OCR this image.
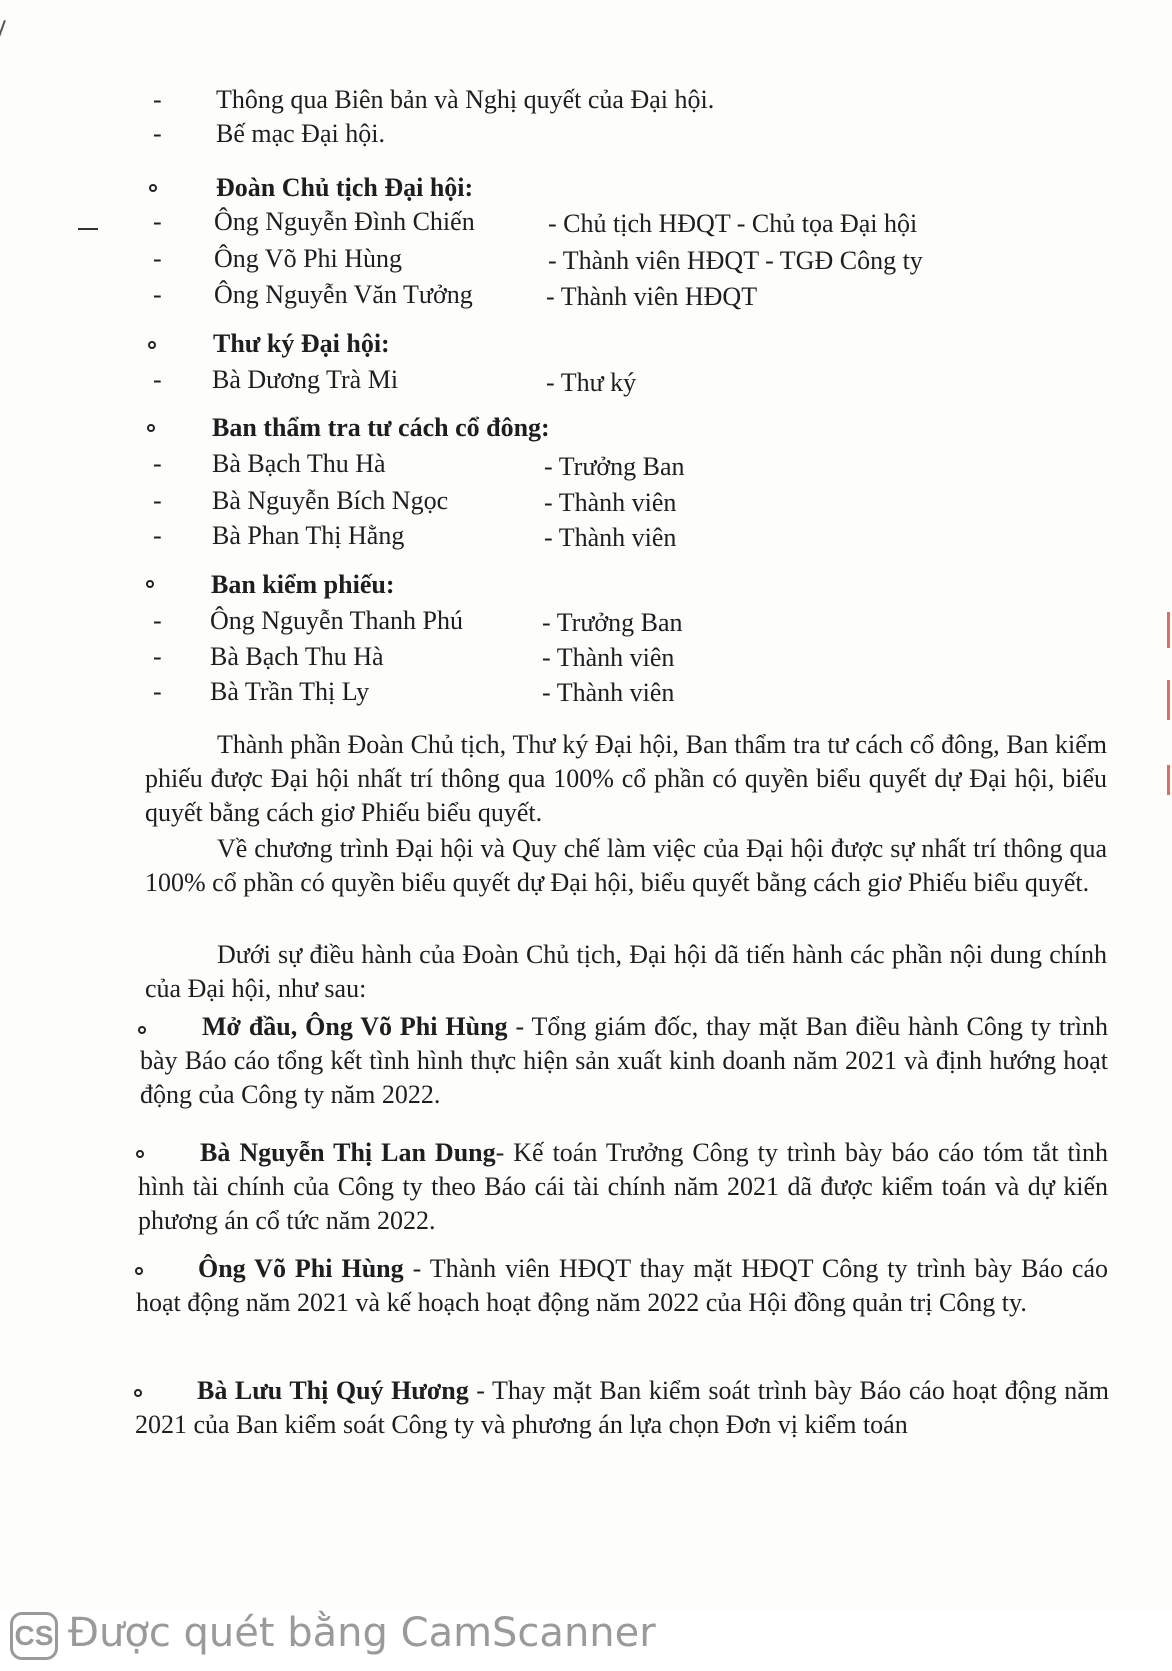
- Thông qua Biên bản và Nghị quyết của Đại hội.
- Bế mạc Đại hội.
Đoàn Chủ tịch Đại hội:
- Ông Nguyễn Đình Chiến	- Chủ tịch HĐQT - Chủ tọa Đại hội
- Ông Võ Phi Hùng	- Thành viên HĐQT - TGĐ Công ty
- Ông Nguyễn Văn Tưởng	- Thành viên HĐQT
Thư ký Đại hội:
- Bà Dương Trà Mi	- Thư ký
Ban thẩm tra tư cách cổ đông:
- Bà Bạch Thu Hà	- Trưởng Ban
- Bà Nguyễn Bích Ngọc	- Thành viên
- Bà Phan Thị Hằng	- Thành viên
Ban kiểm phiếu:
- Ông Nguyễn Thanh Phú	- Trưởng Ban
- Bà Bạch Thu Hà	- Thành viên
- Bà Trần Thị Ly	- Thành viên
Thành phần Đoàn Chủ tịch, Thư ký Đại hội, Ban thẩm tra tư cách cổ đông, Ban kiểm phiếu được Đại hội nhất trí thông qua 100% cổ phần có quyền biểu quyết dự Đại hội, biểu quyết bằng cách giơ Phiếu biểu quyết.
Về chương trình Đại hội và Quy chế làm việc của Đại hội được sự nhất trí thông qua 100% cổ phần có quyền biểu quyết dự Đại hội, biểu quyết bằng cách giơ Phiếu biểu quyết.
Dưới sự điều hành của Đoàn Chủ tịch, Đại hội dã tiến hành các phần nội dung chính của Đại hội, như sau:
Mở đầu, Ông Võ Phi Hùng - Tổng giám đốc, thay mặt Ban điều hành Công ty trình bày Báo cáo tổng kết tình hình thực hiện sản xuất kinh doanh năm 2021 và định hướng hoạt động của Công ty năm 2022.
Bà Nguyễn Thị Lan Dung- Kế toán Trưởng Công ty trình bày báo cáo tóm tắt tình hình tài chính của Công ty theo Báo cái tài chính năm 2021 dã được kiểm toán và dự kiến phương án cổ tức năm 2022.
Ông Võ Phi Hùng - Thành viên HĐQT thay mặt HĐQT Công ty trình bày Báo cáo hoạt động năm 2021 và kế hoạch hoạt động năm 2022 của Hội đồng quản trị Công ty.
Bà Lưu Thị Quý Hương - Thay mặt Ban kiểm soát trình bày Báo cáo hoạt động năm 2021 của Ban kiểm soát Công ty và phương án lựa chọn Đơn vị kiểm toán
CS Được quét bằng CamScanner
